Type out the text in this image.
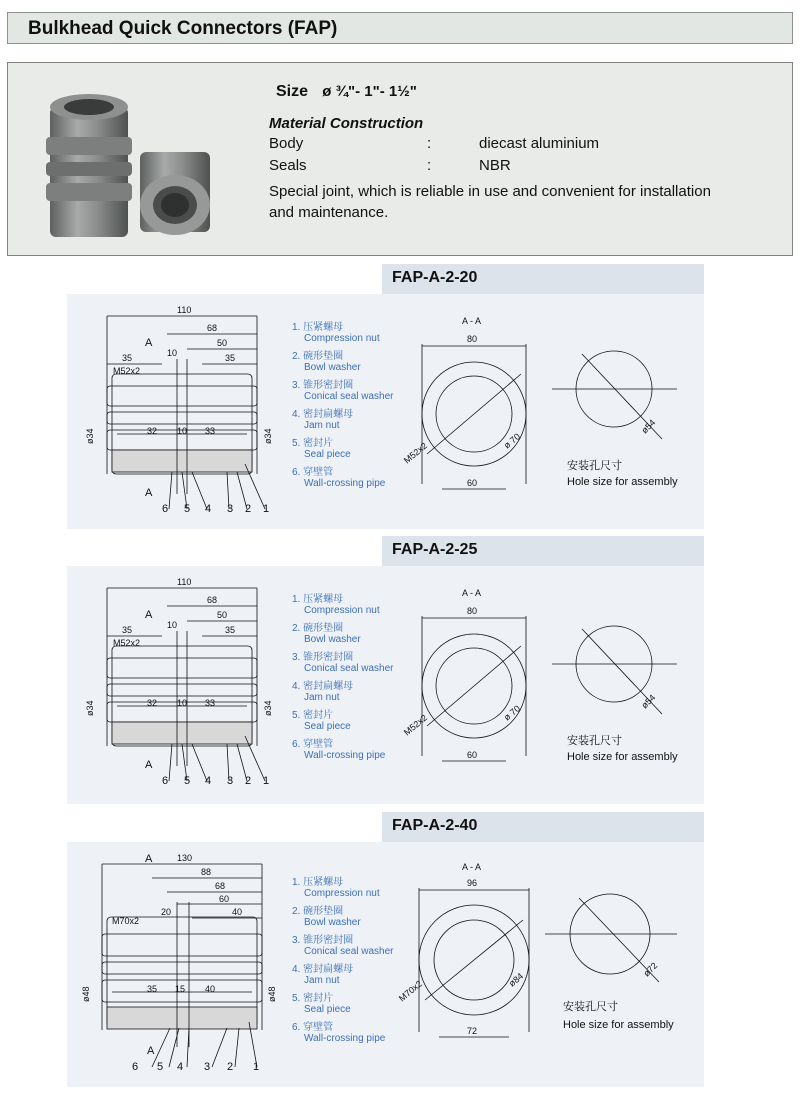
Bulkhead Quick Connectors (FAP)
Size ø ¾"- 1"- 1½"
Material Construction
Body	:	diecast aluminium
Seals	:	NBR
Special joint, which is reliable in use and convenient for installation and maintenance.
FAP-A-2-20
110
68
50
35	35
10
M52x2
32 10 33
ø34	ø34
A
A
6 5 4 3 2 1
A - A
80
60
M52x2	ø 70
ø54
安装孔尺寸
Hole size for assembly
1. 压紧螺母
Compression nut
2. 碗形垫圈
Bowl washer
3. 锥形密封圈
Conical seal washer
4. 密封扁螺母
Jam nut
5. 密封片
Seal piece
6. 穿壁管
Wall-crossing pipe
FAP-A-2-25
110
68
50
35	35
10
M52x2
32 10 33
ø34	ø34
A
A
6 5 4 3 2 1
A - A
80
60
M52x2	ø 70
ø54
安装孔尺寸
Hole size for assembly
1. 压紧螺母
Compression nut
2. 碗形垫圈
Bowl washer
3. 锥形密封圈
Conical seal washer
4. 密封扁螺母
Jam nut
5. 密封片
Seal piece
6. 穿壁管
Wall-crossing pipe
FAP-A-2-40
130
88
68
60
40
20
M70x2
35 15 40
ø48	ø48
A
A
6 5 4 3 2 1
A - A
96
72
M70x2	ø84
ø72
安装孔尺寸
Hole size for assembly
1. 压紧螺母
Compression nut
2. 碗形垫圈
Bowl washer
3. 锥形密封圈
Conical seal washer
4. 密封扁螺母
Jam nut
5. 密封片
Seal piece
6. 穿壁管
Wall-crossing pipe
